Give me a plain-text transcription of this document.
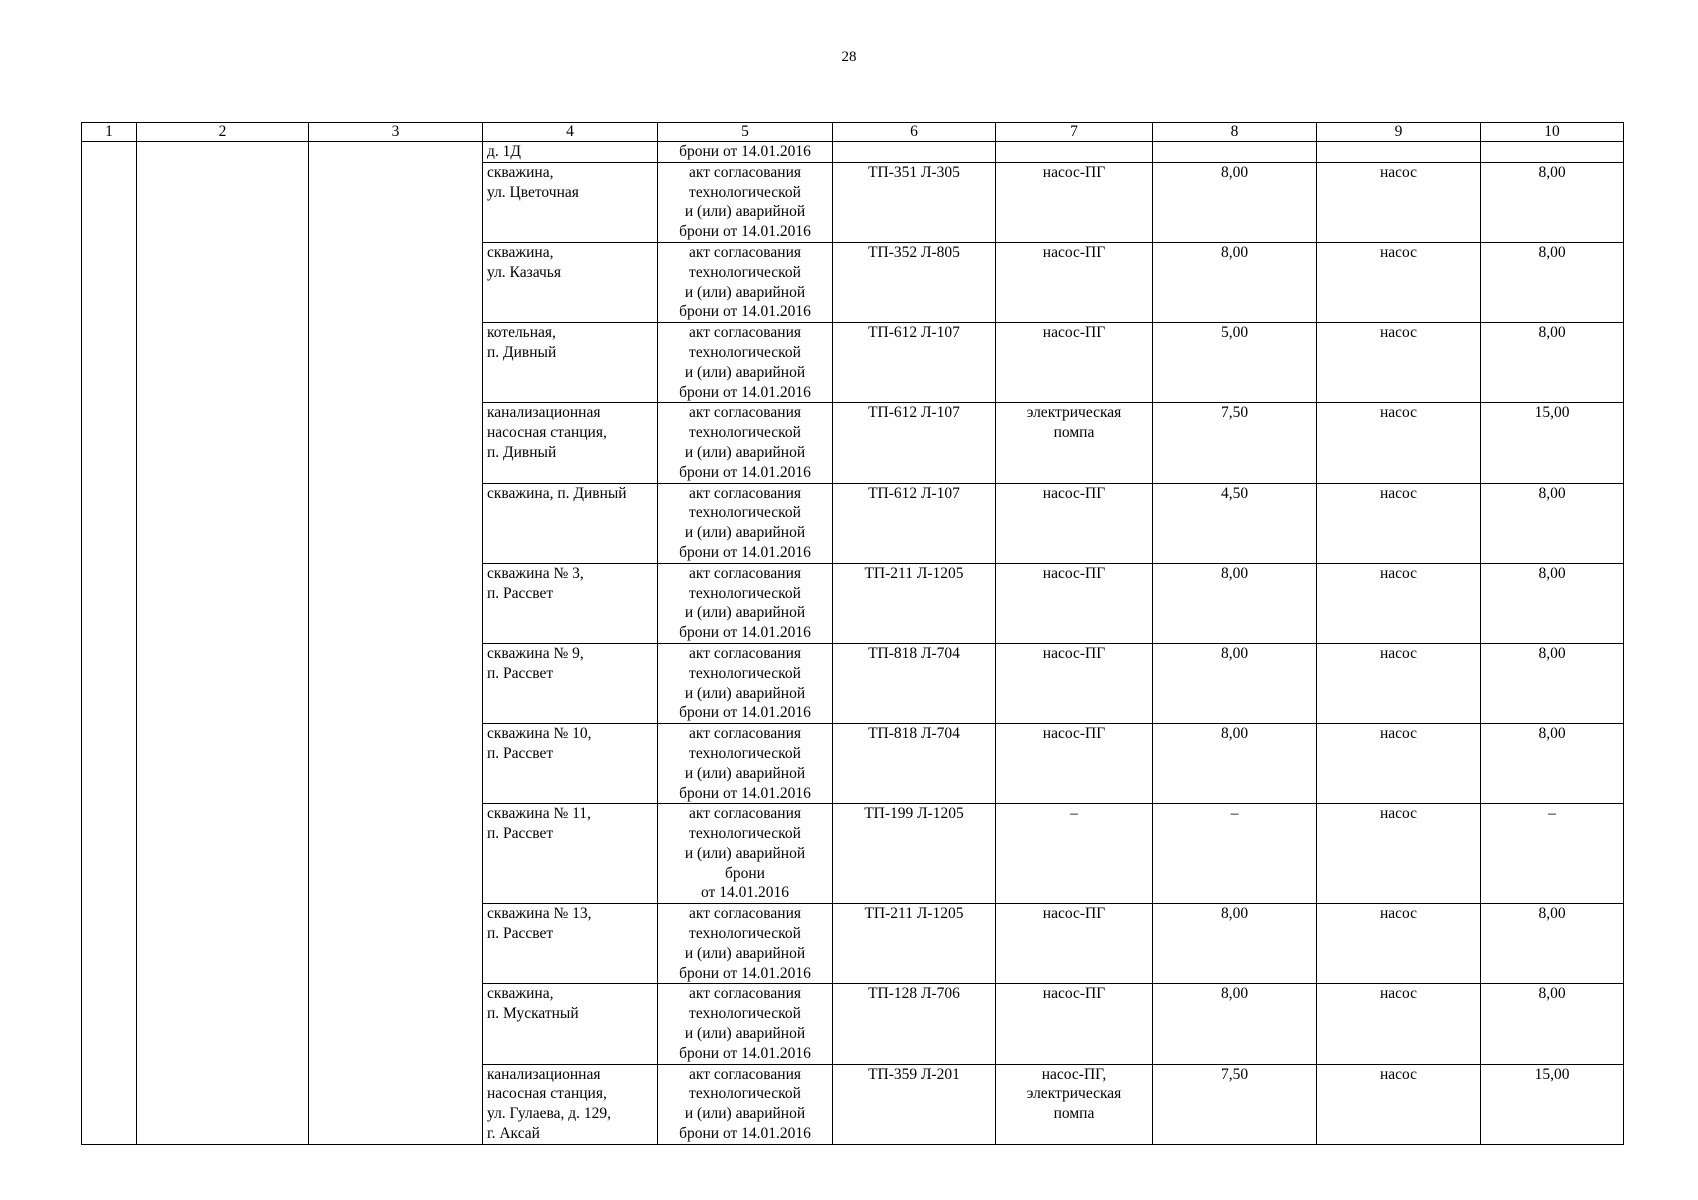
28
1	2	3	4	5	6	7	8	9	10
			д. 1Д	брони от 14.01.2016					
			скважина,
ул. Цветочная	акт согласования
технологической
и (или) аварийной
брони от 14.01.2016	ТП-351 Л-305	насос-ПГ	8,00	насос	8,00
			скважина,
ул. Казачья	акт согласования
технологической
и (или) аварийной
брони от 14.01.2016	ТП-352 Л-805	насос-ПГ	8,00	насос	8,00
			котельная,
п. Дивный	акт согласования
технологической
и (или) аварийной
брони от 14.01.2016	ТП-612 Л-107	насос-ПГ	5,00	насос	8,00
			канализационная
насосная станция,
п. Дивный	акт согласования
технологической
и (или) аварийной
брони от 14.01.2016	ТП-612 Л-107	электрическая
помпа	7,50	насос	15,00
			скважина, п. Дивный	акт согласования
технологической
и (или) аварийной
брони от 14.01.2016	ТП-612 Л-107	насос-ПГ	4,50	насос	8,00
			скважина № 3,
п. Рассвет	акт согласования
технологической
и (или) аварийной
брони от 14.01.2016	ТП-211 Л-1205	насос-ПГ	8,00	насос	8,00
			скважина № 9,
п. Рассвет	акт согласования
технологической
и (или) аварийной
брони от 14.01.2016	ТП-818 Л-704	насос-ПГ	8,00	насос	8,00
			скважина № 10,
п. Рассвет	акт согласования
технологической
и (или) аварийной
брони от 14.01.2016	ТП-818 Л-704	насос-ПГ	8,00	насос	8,00
			скважина № 11,
п. Рассвет	акт согласования
технологической
и (или) аварийной
брони
от 14.01.2016	ТП-199 Л-1205	–	–	насос	–
			скважина № 13,
п. Рассвет	акт согласования
технологической
и (или) аварийной
брони от 14.01.2016	ТП-211 Л-1205	насос-ПГ	8,00	насос	8,00
			скважина,
п. Мускатный	акт согласования
технологической
и (или) аварийной
брони от 14.01.2016	ТП-128 Л-706	насос-ПГ	8,00	насос	8,00
			канализационная
насосная станция,
ул. Гулаева, д. 129,
г. Аксай	акт согласования
технологической
и (или) аварийной
брони от 14.01.2016	ТП-359 Л-201	насос-ПГ,
электрическая
помпа	7,50	насос	15,00
